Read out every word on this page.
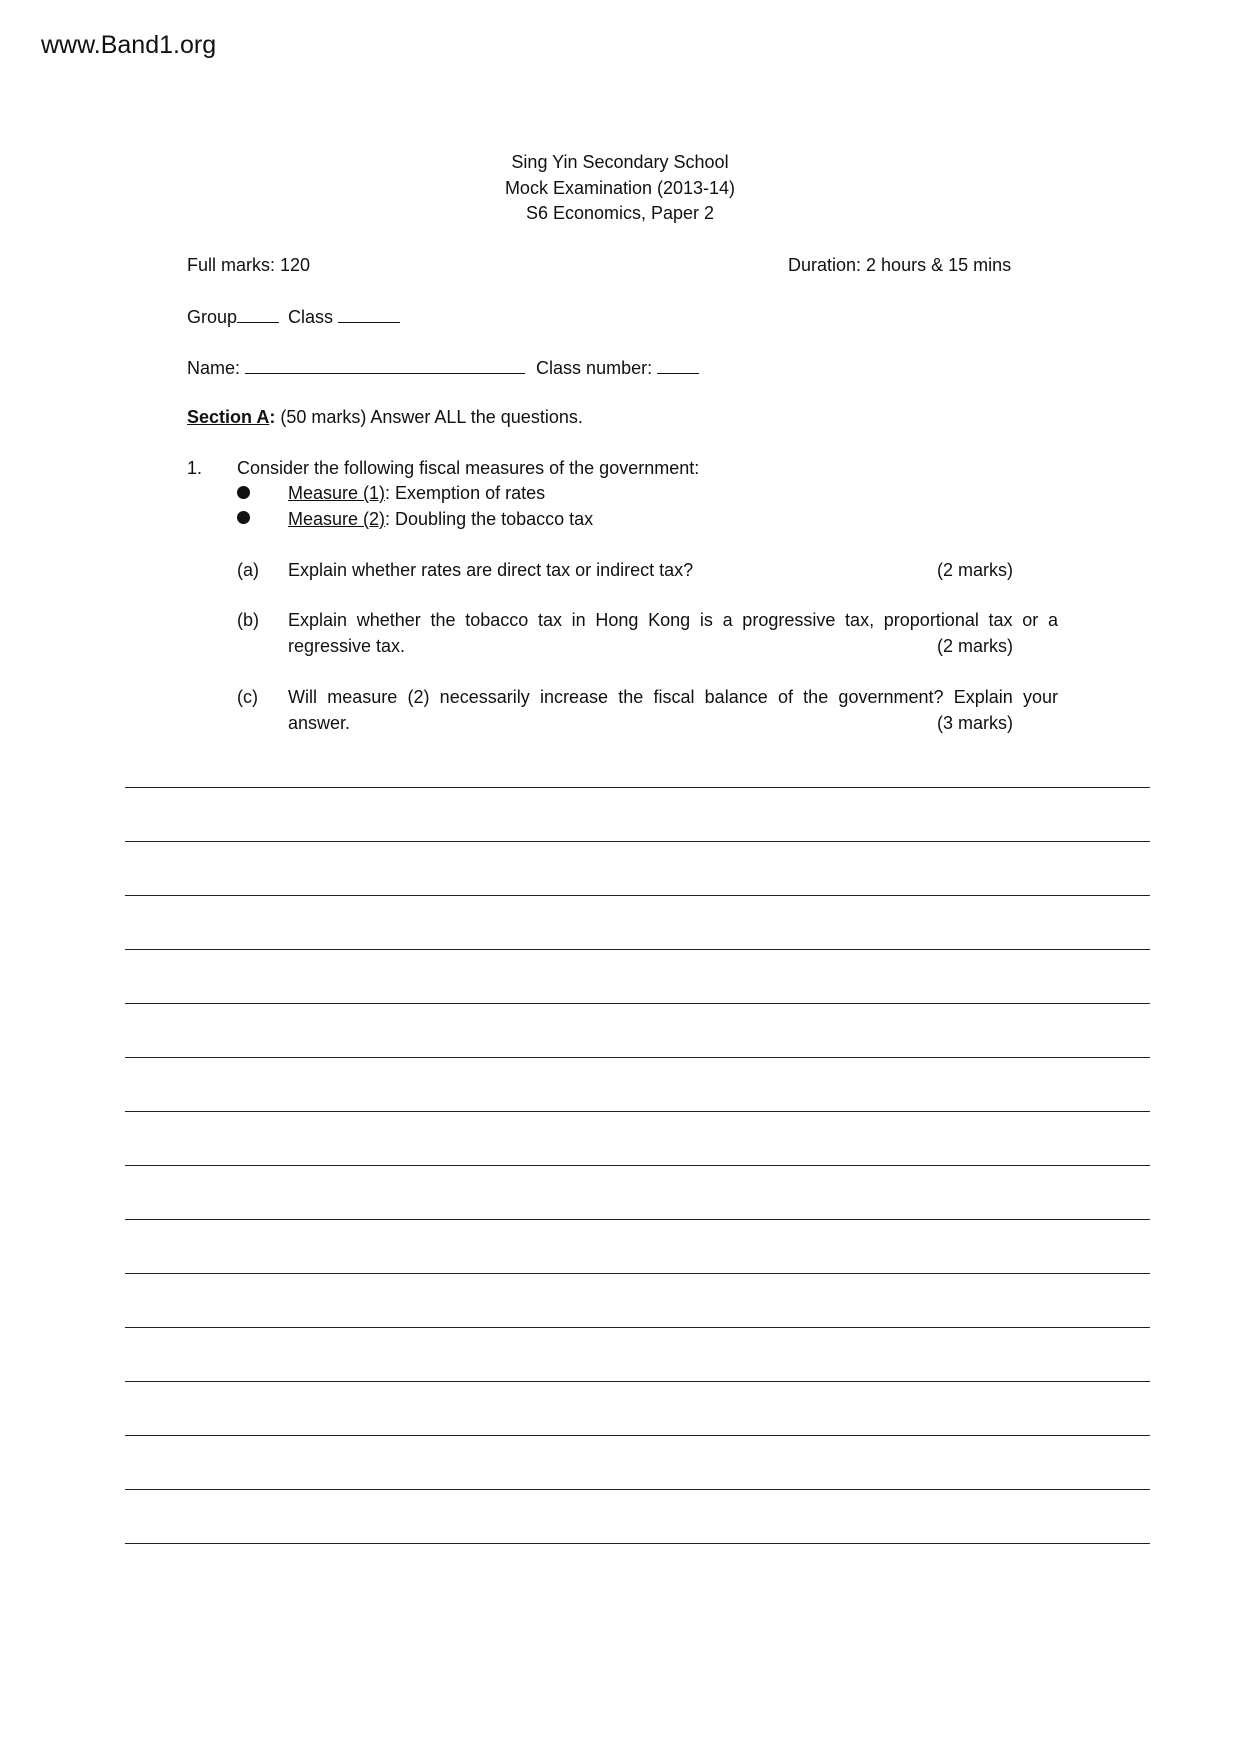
www.Band1.org
Sing Yin Secondary School
Mock Examination (2013-14)
S6 Economics, Paper 2
Full marks: 120	Duration: 2 hours & 15 mins
Group	Class
Name:	Class number:
Section A: (50 marks) Answer ALL the questions.
1. Consider the following fiscal measures of the government:
Measure (1): Exemption of rates
Measure (2): Doubling the tobacco tax
(a) Explain whether rates are direct tax or indirect tax?	(2 marks)
(b) Explain whether the tobacco tax in Hong Kong is a progressive tax, proportional tax or a regressive tax.	(2 marks)
(c) Will measure (2) necessarily increase the fiscal balance of the government? Explain your answer.	(3 marks)
